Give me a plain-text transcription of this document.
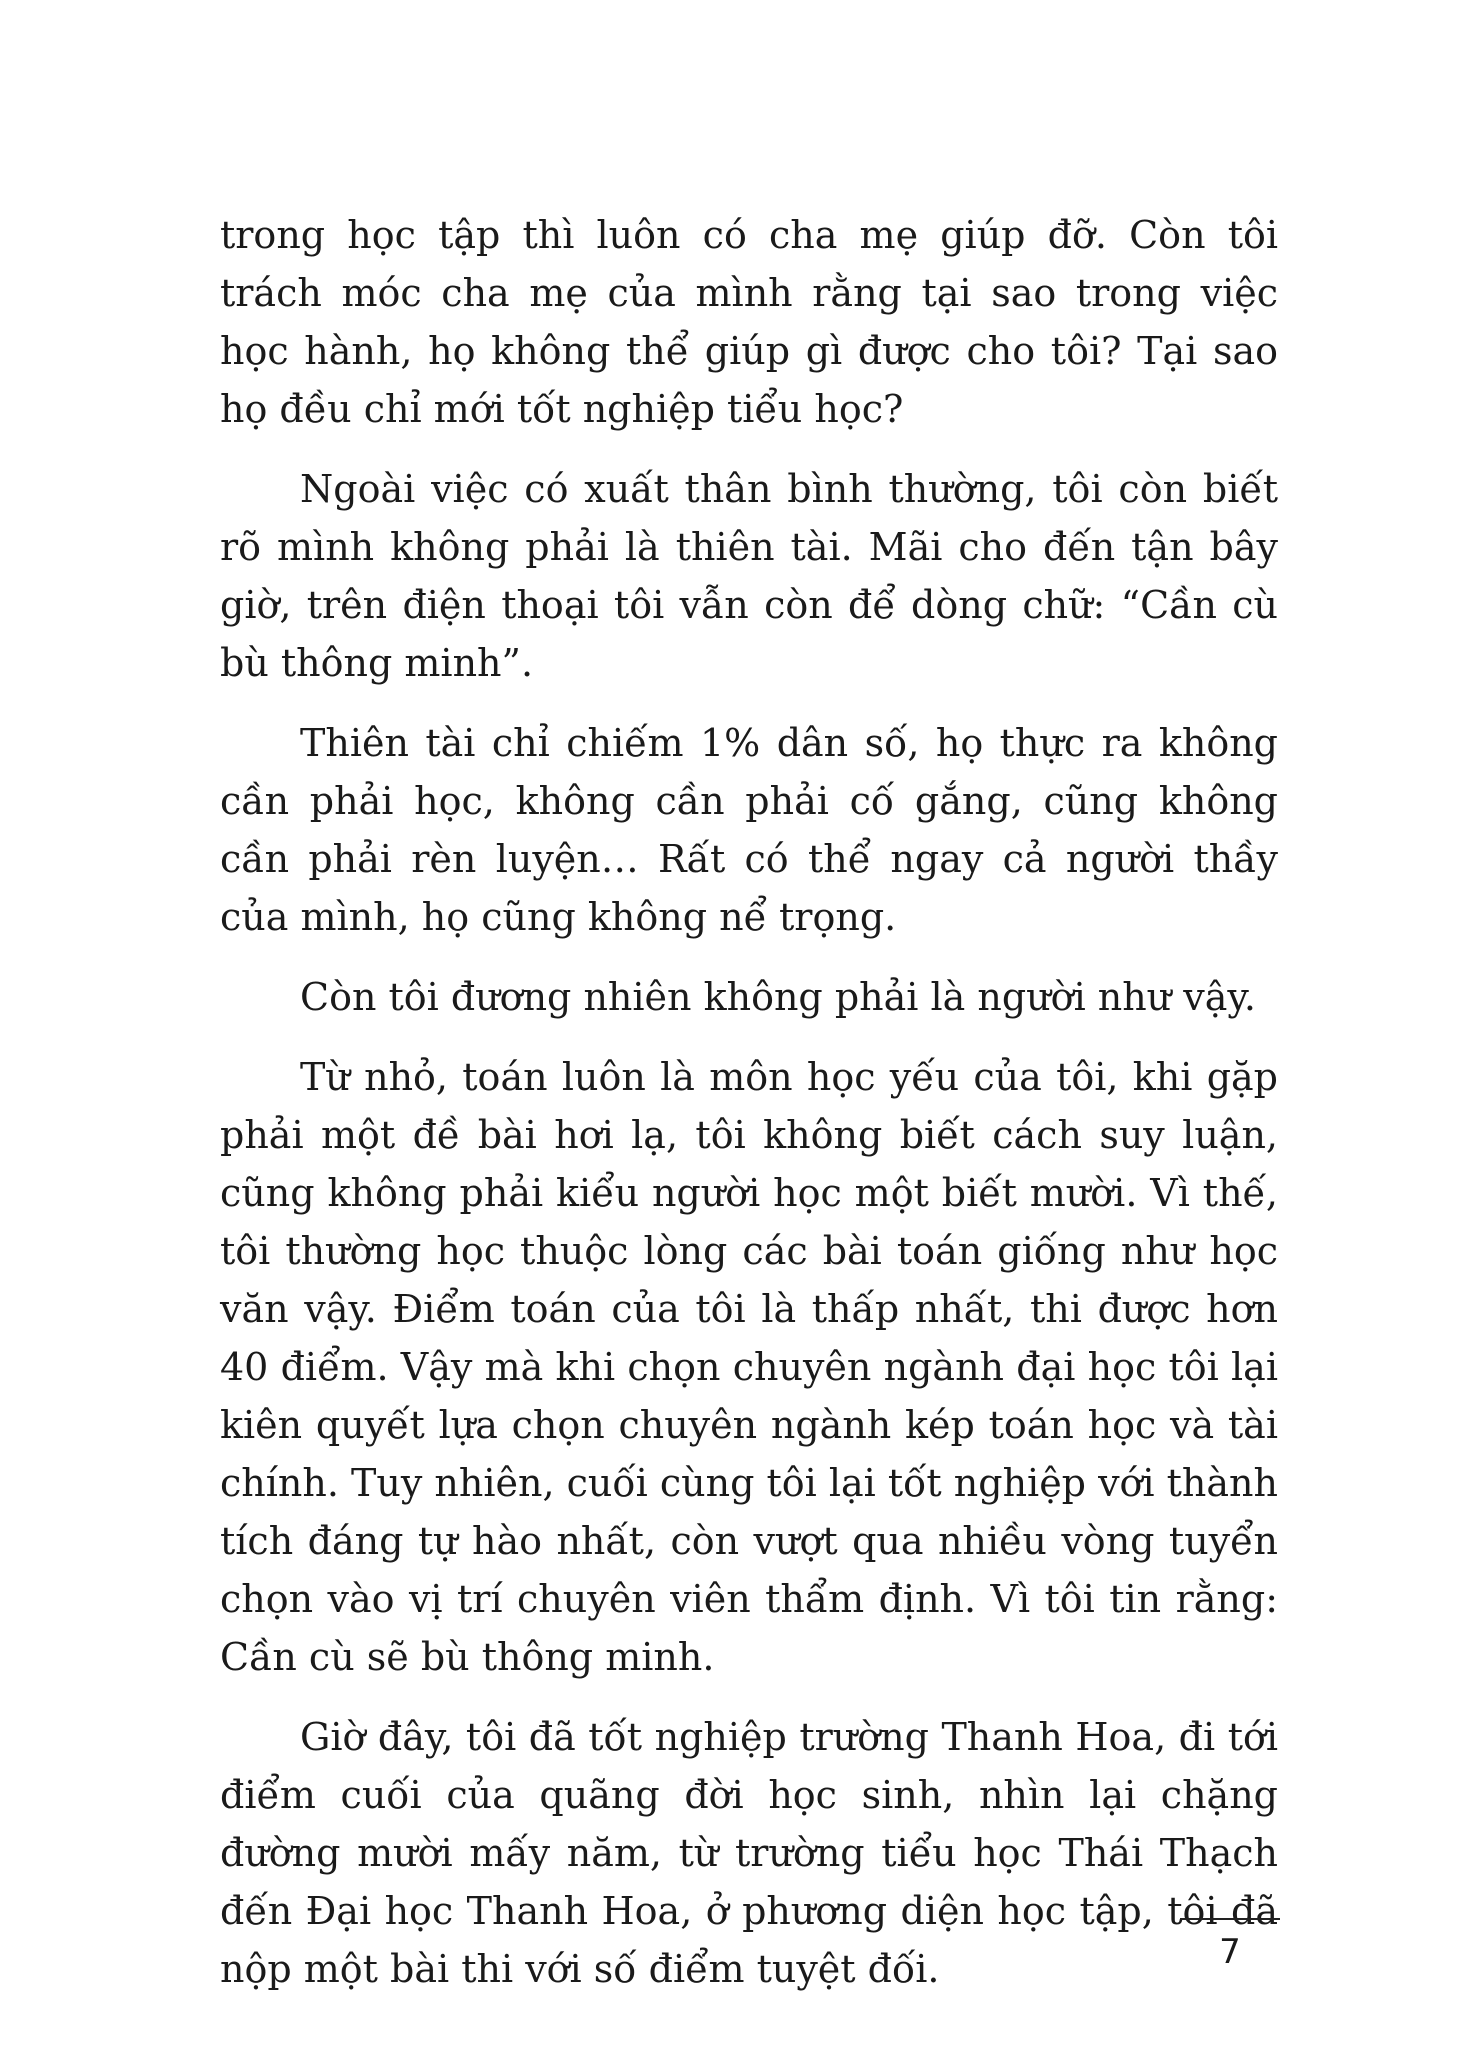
trong học tập thì luôn có cha mẹ giúp đỡ. Còn tôi trách móc cha mẹ của mình rằng tại sao trong việc học hành, họ không thể giúp gì được cho tôi? Tại sao họ đều chỉ mới tốt nghiệp tiểu học?

Ngoài việc có xuất thân bình thường, tôi còn biết rõ mình không phải là thiên tài. Mãi cho đến tận bây giờ, trên điện thoại tôi vẫn còn để dòng chữ: “Cần cù bù thông minh”.

Thiên tài chỉ chiếm 1% dân số, họ thực ra không cần phải học, không cần phải cố gắng, cũng không cần phải rèn luyện… Rất có thể ngay cả người thầy của mình, họ cũng không nể trọng.

Còn tôi đương nhiên không phải là người như vậy.

Từ nhỏ, toán luôn là môn học yếu của tôi, khi gặp phải một đề bài hơi lạ, tôi không biết cách suy luận, cũng không phải kiểu người học một biết mười. Vì thế, tôi thường học thuộc lòng các bài toán giống như học văn vậy. Điểm toán của tôi là thấp nhất, thi được hơn 40 điểm. Vậy mà khi chọn chuyên ngành đại học tôi lại kiên quyết lựa chọn chuyên ngành kép toán học và tài chính. Tuy nhiên, cuối cùng tôi lại tốt nghiệp với thành tích đáng tự hào nhất, còn vượt qua nhiều vòng tuyển chọn vào vị trí chuyên viên thẩm định. Vì tôi tin rằng: Cần cù sẽ bù thông minh.

Giờ đây, tôi đã tốt nghiệp trường Thanh Hoa, đi tới điểm cuối của quãng đời học sinh, nhìn lại chặng đường mười mấy năm, từ trường tiểu học Thái Thạch đến Đại học Thanh Hoa, ở phương diện học tập, tôi đã nộp một bài thi với số điểm tuyệt đối.	7
